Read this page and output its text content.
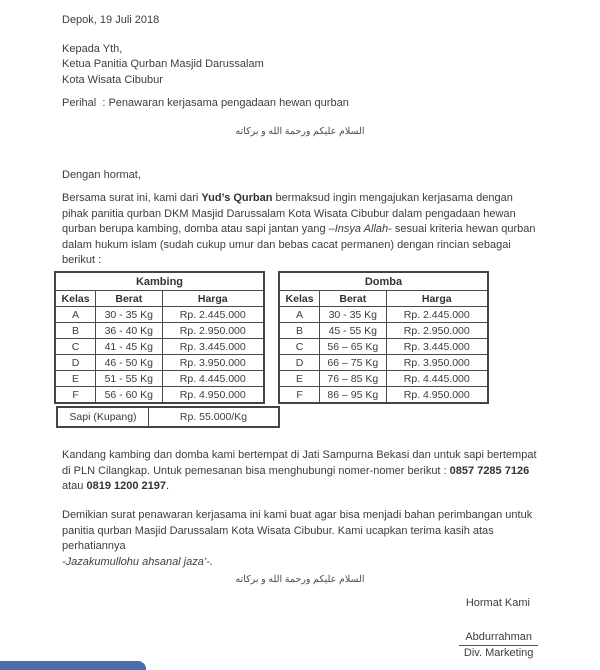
Depok, 19 Juli 2018
Kepada Yth,
Ketua Panitia Qurban Masjid Darussalam
Kota Wisata Cibubur
Perihal  : Penawaran kerjasama pengadaan hewan qurban
السلام عليكم ورحمة الله و بركاته
Dengan hormat,
Bersama surat ini, kami dari Yud’s Qurban bermaksud ingin mengajukan kerjasama dengan pihak panitia qurban DKM Masjid Darussalam Kota Wisata Cibubur dalam pengadaan hewan qurban berupa kambing, domba atau sapi jantan yang –Insya Allah- sesuai kriteria hewan qurban dalam hukum islam (sudah cukup umur dan bebas cacat permanen) dengan rincian sebagai berikut :
Kambing		
Kelas	Berat	Harga
A	30 - 35 Kg	Rp. 2.445.000
B	36 - 40 Kg	Rp. 2.950.000
C	41 - 45 Kg	Rp. 3.445.000
D	46 - 50 Kg	Rp. 3.950.000
E	51 - 55 Kg	Rp. 4.445.000
F	56 - 60 Kg	Rp. 4.950.000
Domba		
Kelas	Berat	Harga
A	30 - 35 Kg	Rp. 2.445.000
B	45 - 55 Kg	Rp. 2.950.000
C	56 – 65 Kg	Rp. 3.445.000
D	66 – 75 Kg	Rp. 3.950.000
E	76 – 85 Kg	Rp. 4.445.000
F	86 – 95 Kg	Rp. 4.950.000
Sapi (Kupang)	Rp. 55.000/Kg
Kandang kambing dan domba kami bertempat di Jati Sampurna Bekasi dan untuk sapi bertempat di PLN Cilangkap. Untuk pemesanan bisa menghubungi nomer-nomer berikut : 0857 7285 7126 atau 0819 1200 2197.
Demikian surat penawaran kerjasama ini kami buat agar bisa menjadi bahan perimbangan untuk panitia qurban Masjid Darussalam Kota Wisata Cibubur. Kami ucapkan terima kasih atas perhatiannya
-Jazakumullohu ahsanal jaza’-.
السلام عليكم ورحمة الله و بركاته
Hormat Kami
Abdurrahman
Div. Marketing
